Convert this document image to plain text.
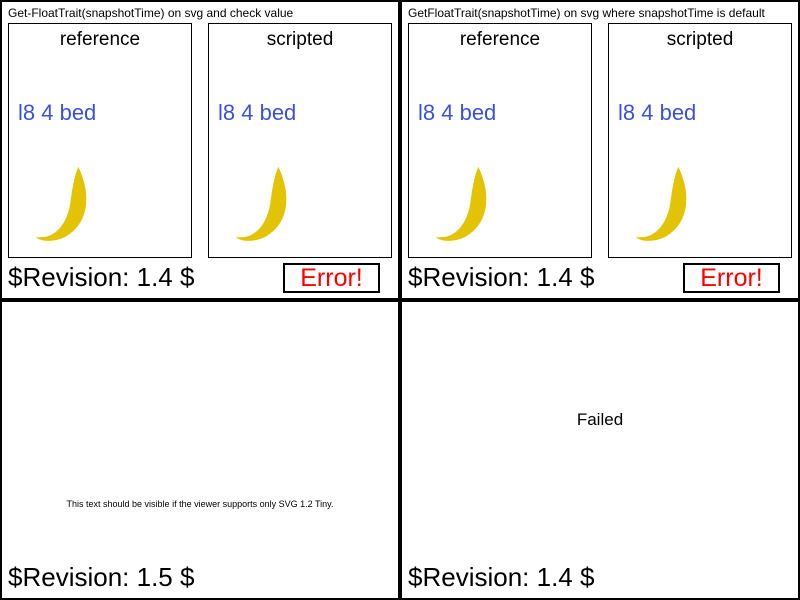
Get-FloatTrait(snapshotTime) on svg and check value
reference
l8 4 bed
scripted
l8 4 bed
$Revision: 1.4 $	Error!
GetFloatTrait(snapshotTime) on svg where snapshotTime is default
reference
l8 4 bed
scripted
l8 4 bed
$Revision: 1.4 $	Error!
This text should be visible if the viewer supports only SVG 1.2 Tiny.
$Revision: 1.5 $
Failed
$Revision: 1.4 $
